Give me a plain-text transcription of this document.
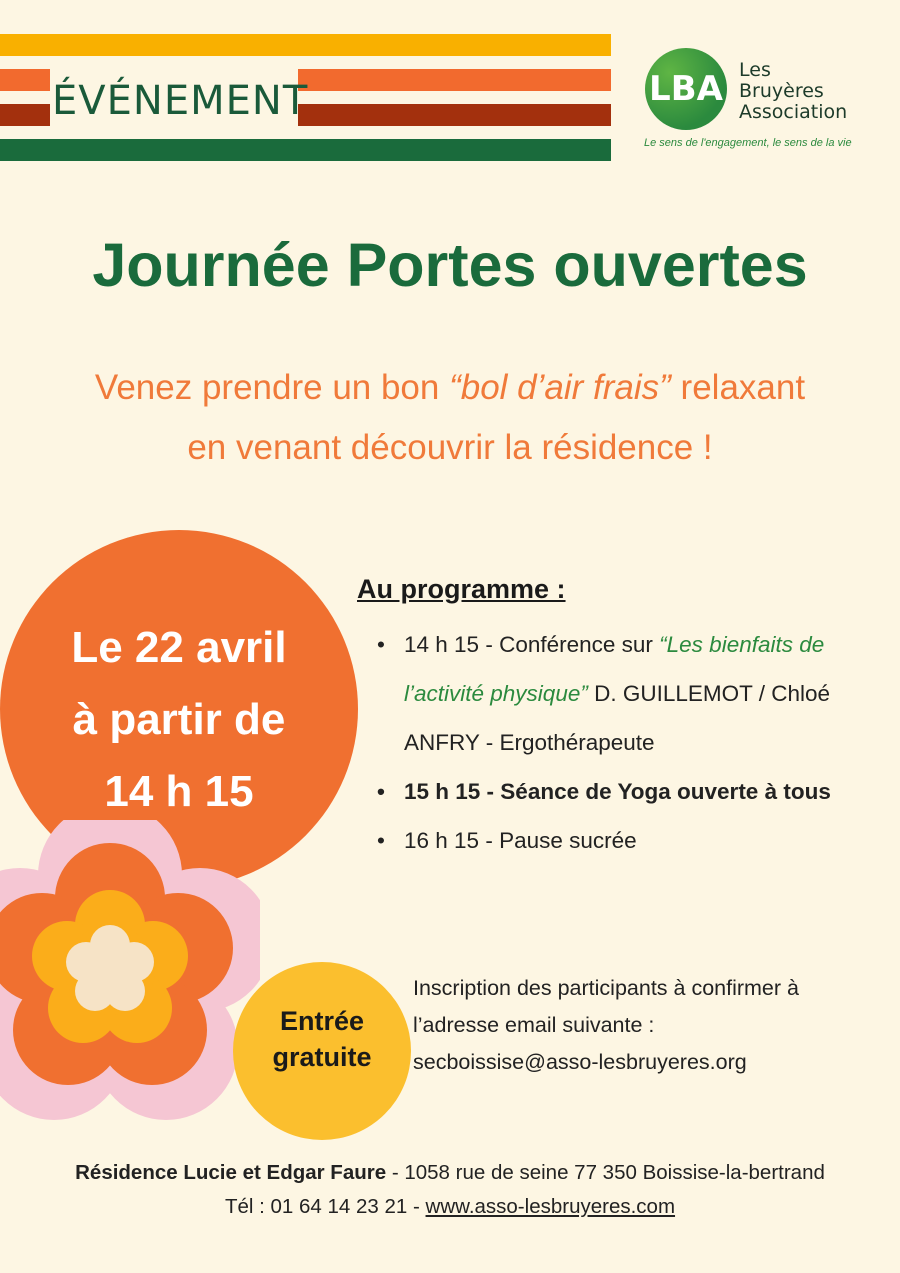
ÉVÉNEMENT	LBA Les
Bruyères
Association
Le sens de l'engagement, le sens de la vie
Journée Portes ouvertes
Venez prendre un bon “bol d’air frais” relaxant
en venant découvrir la résidence !
Le 22 avril
à partir de
14 h 15
Entrée
gratuite
Au programme :
• 14 h 15 - Conférence sur “Les bienfaits de l’activité physique” D. GUILLEMOT / Chloé ANFRY - Ergothérapeute
• 15 h 15 - Séance de Yoga ouverte à tous
• 16 h 15 - Pause sucrée
Inscription des participants à confirmer à
l’adresse email suivante :
secboissise@asso-lesbruyeres.org
Résidence Lucie et Edgar Faure - 1058 rue de seine 77 350 Boissise-la-bertrand
Tél : 01 64 14 23 21 - www.asso-lesbruyeres.com
